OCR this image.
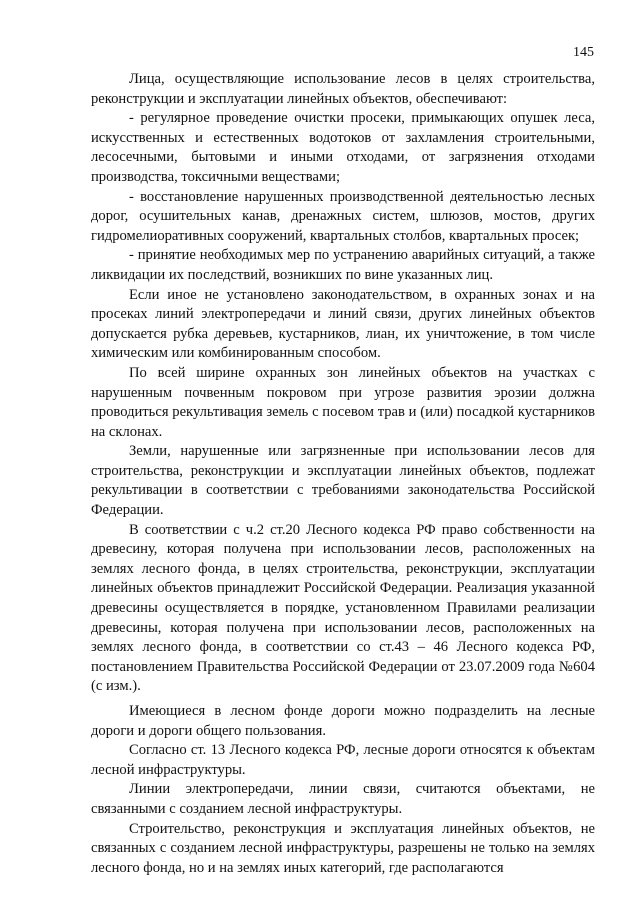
145

Лица, осуществляющие использование лесов в целях строительства, реконструкции и эксплуатации линейных объектов, обеспечивают:

- регулярное проведение очистки просеки, примыкающих опушек леса, искусственных и естественных водотоков от захламления строительными, лесосечными, бытовыми и иными отходами, от загрязнения отходами производства, токсичными веществами;

- восстановление нарушенных производственной деятельностью лесных дорог, осушительных канав, дренажных систем, шлюзов, мостов, других гидромелиоративных сооружений, квартальных столбов, квартальных просек;

- принятие необходимых мер по устранению аварийных ситуаций, а также ликвидации их последствий, возникших по вине указанных лиц.

Если иное не установлено законодательством, в охранных зонах и на просеках линий электропередачи и линий связи, других линейных объектов допускается рубка деревьев, кустарников, лиан, их уничтожение, в том числе химическим или комбинированным способом.

По всей ширине охранных зон линейных объектов на участках с нарушенным почвенным покровом при угрозе развития эрозии должна проводиться рекультивация земель с посевом трав и (или) посадкой кустарников на склонах.

Земли, нарушенные или загрязненные при использовании лесов для строительства, реконструкции и эксплуатации линейных объектов, подлежат рекультивации в соответствии с требованиями законодательства Российской Федерации.

В соответствии с ч.2 ст.20 Лесного кодекса РФ право собственности на древесину, которая получена при использовании лесов, расположенных на землях лесного фонда, в целях строительства, реконструкции, эксплуатации линейных объектов принадлежит Российской Федерации. Реализация указанной древесины осуществляется в порядке, установленном Правилами реализации древесины, которая получена при использовании лесов, расположенных на землях лесного фонда, в соответствии со ст.43 – 46 Лесного кодекса РФ, постановлением Правительства Российской Федерации от 23.07.2009 года №604 (с изм.).

Имеющиеся в лесном фонде дороги можно подразделить на лесные дороги и дороги общего пользования.

Согласно ст. 13 Лесного кодекса РФ, лесные дороги относятся к объектам лесной инфраструктуры.

Линии электропередачи, линии связи, считаются объектами, не связанными с созданием лесной инфраструктуры.

Строительство, реконструкция и эксплуатация линейных объектов, не связанных с созданием лесной инфраструктуры, разрешены не только на землях лесного фонда, но и на землях иных категорий, где располагаются
